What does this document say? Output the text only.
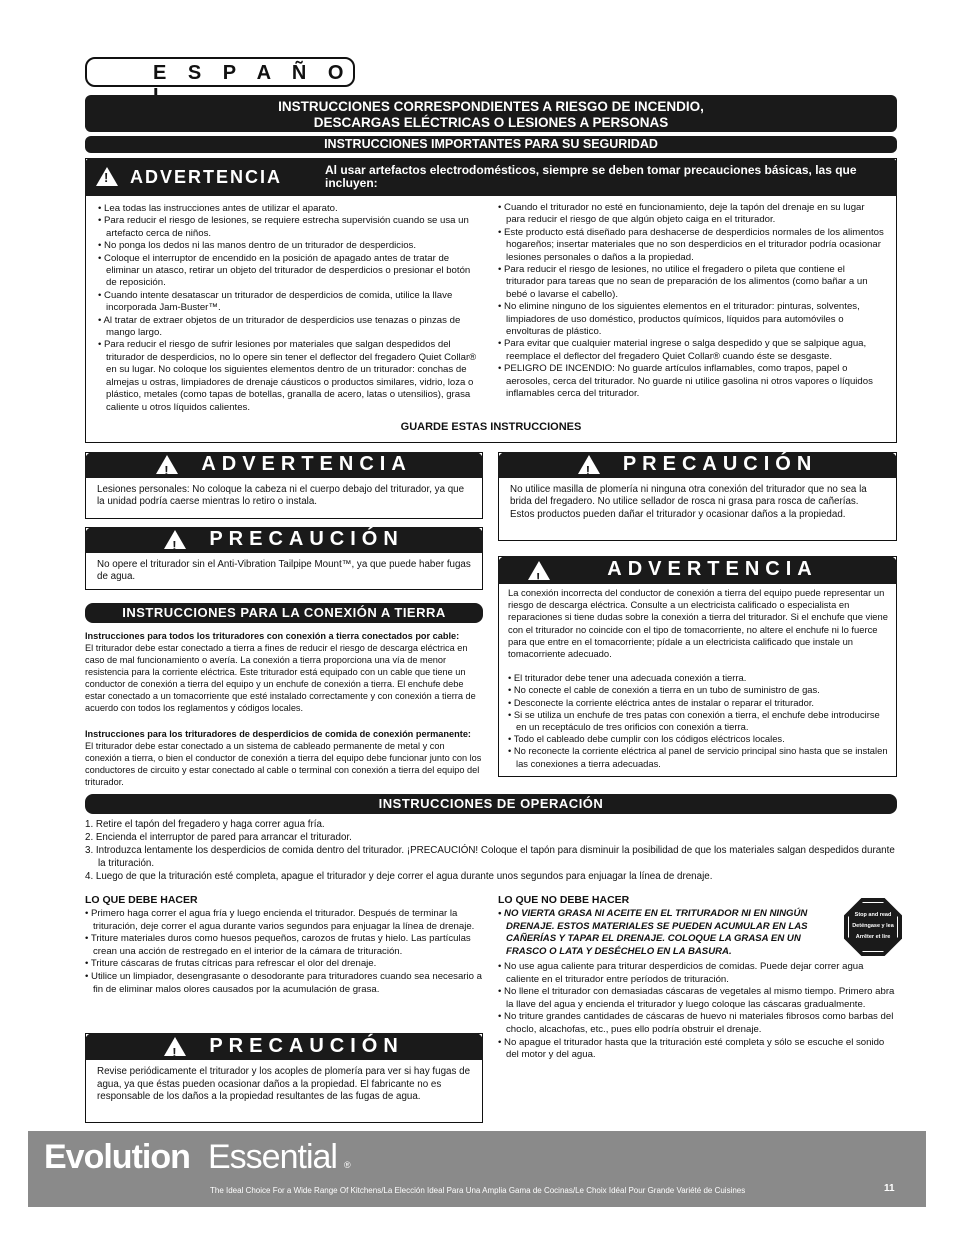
E S P A Ñ O
INSTRUCCIONES CORRESPONDIENTES A RIESGO DE INCENDIO,
DESCARGAS ELÉCTRICAS O LESIONES A PERSONAS
INSTRUCCIONES IMPORTANTES PARA SU SEGURIDAD
!
ADVERTENCIA	Al usar artefactos electrodomésticos, siempre se deben tomar precauciones básicas, las que incluyen:
• Lea todas las instrucciones antes de utilizar el aparato.
• Para reducir el riesgo de lesiones, se requiere estrecha supervisión cuando se usa un artefacto cerca de niños.
• No ponga los dedos ni las manos dentro de un triturador de desperdicios.
• Coloque el interruptor de encendido en la posición de apagado antes de tratar de eliminar un atasco, retirar un objeto del triturador de desperdicios o presionar el botón de reposición.
• Cuando intente desatascar un triturador de desperdicios de comida, utilice la llave incorporada Jam-Buster™.
• Al tratar de extraer objetos de un triturador de desperdicios use tenazas o pinzas de mango largo.
• Para reducir el riesgo de sufrir lesiones por materiales que salgan despedidos del triturador de desperdicios, no lo opere sin tener el deflector del fregadero Quiet Collar® en su lugar. No coloque los siguientes elementos dentro de un triturador: conchas de almejas u ostras, limpiadores de drenaje cáusticos o productos similares, vidrio, loza o plástico, metales (como tapas de botellas, granalla de acero, latas o utensilios), grasa caliente u otros líquidos calientes.
• Cuando el triturador no esté en funcionamiento, deje la tapón del drenaje en su lugar para reducir el riesgo de que algún objeto caiga en el triturador.
• Este producto está diseñado para deshacerse de desperdicios normales de los alimentos hogareños; insertar materiales que no son desperdicios en el triturador podría ocasionar lesiones personales o daños a la propiedad.
• Para reducir el riesgo de lesiones, no utilice el fregadero o pileta que contiene el triturador para tareas que no sean de preparación de los alimentos (como bañar a un bebé o lavarse el cabello).
• No elimine ninguno de los siguientes elementos en el triturador: pinturas, solventes, limpiadores de uso doméstico, productos químicos, líquidos para automóviles o envolturas de plástico.
• Para evitar que cualquier material ingrese o salga despedido y que se salpique agua, reemplace el deflector del fregadero Quiet Collar® cuando éste se desgaste.
• PELIGRO DE INCENDIO: No guarde artículos inflamables, como trapos, papel o aerosoles, cerca del triturador. No guarde ni utilice gasolina ni otros vapores o líquidos inflamables cerca del triturador.
GUARDE ESTAS INSTRUCCIONES
!  ADVERTENCIA
Lesiones personales: No coloque la cabeza ni el cuerpo debajo del triturador, ya que la unidad podría caerse mientras lo retiro o instala.
!  PRECAUCIÓN
No opere el triturador sin el Anti-Vibration Tailpipe Mount™, ya que puede haber fugas de agua.
!  PRECAUCIÓN
No utilice masilla de plomería ni ninguna otra conexión del triturador que no sea la brida del fregadero. No utilice sellador de rosca ni grasa para rosca de cañerías. Estos productos pueden dañar el triturador y ocasionar daños a la propiedad.
INSTRUCCIONES PARA LA CONEXIÓN A TIERRA
Instrucciones para todos los trituradores con conexión a tierra conectados por cable:
El triturador debe estar conectado a tierra a fines de reducir el riesgo de descarga eléctrica en caso de mal funcionamiento o avería. La conexión a tierra proporciona una vía de menor resistencia para la corriente eléctrica. Este triturador está equipado con un cable que tiene un conductor de conexión a tierra del equipo y un enchufe de conexión a tierra. El enchufe debe estar conectado a un tomacorriente que esté instalado correctamente y con conexión a tierra de acuerdo con todos los reglamentos y códigos locales.
Instrucciones para los trituradores de desperdicios de comida de conexión permanente:
El triturador debe estar conectado a un sistema de cableado permanente de metal y con conexión a tierra, o bien el conductor de conexión a tierra del equipo debe funcionar junto con los conductores de circuito y estar conectado al cable o terminal con conexión a tierra del equipo del triturador.
!
ADVERTENCIA
La conexión incorrecta del conductor de conexión a tierra del equipo puede representar un riesgo de descarga eléctrica. Consulte a un electricista calificado o especialista en reparaciones si tiene dudas sobre la conexión a tierra del triturador. Si el enchufe que viene con el triturador no coincide con el tipo de tomacorriente, no altere el enchufe ni lo fuerce para que entre en el tomacorriente; pídale a un electricista calificado que instale un tomacorriente adecuado.
• El triturador debe tener una adecuada conexión a tierra.
• No conecte el cable de conexión a tierra en un tubo de suministro de gas.
• Desconecte la corriente eléctrica antes de instalar o reparar el triturador.
• Si se utiliza un enchufe de tres patas con conexión a tierra, el enchufe debe introducirse en un receptáculo de tres orificios con conexión a tierra.
• Todo el cableado debe cumplir con los códigos eléctricos locales.
• No reconecte la corriente eléctrica al panel de servicio principal sino hasta que se instalen las conexiones a tierra adecuadas.
INSTRUCCIONES DE OPERACIÓN
1. Retire el tapón del fregadero y haga correr agua fría.
2. Encienda el interruptor de pared para arrancar el triturador.
3. Introduzca lentamente los desperdicios de comida dentro del triturador. ¡PRECAUCIÓN! Coloque el tapón para disminuir la posibilidad de que los materiales salgan despedidos durante la trituración.
4. Luego de que la trituración esté completa, apague el triturador y deje correr el agua durante unos segundos para enjuagar la línea de drenaje.
LO QUE DEBE HACER
• Primero haga correr el agua fría y luego encienda el triturador. Después de terminar la trituración, deje correr el agua durante varios segundos para enjuagar la línea de drenaje.
• Triture materiales duros como huesos pequeños, carozos de frutas y hielo. Las partículas crean una acción de restregado en el interior de la cámara de trituración.
• Triture cáscaras de frutas cítricas para refrescar el olor del drenaje.
• Utilice un limpiador, desengrasante o desodorante para trituradores cuando sea necesario a fin de eliminar malos olores causados por la acumulación de grasa.
LO QUE NO DEBE HACER
• NO VIERTA GRASA NI ACEITE EN EL TRITURADOR NI EN NINGÚN DRENAJE. ESTOS MATERIALES SE PUEDEN ACUMULAR EN LAS CAÑERÍAS Y TAPAR EL DRENAJE. COLOQUE LA GRASA EN UN FRASCO O LATA Y DESÉCHELO EN LA BASURA.
• No use agua caliente para triturar desperdicios de comidas. Puede dejar correr agua caliente en el triturador entre períodos de trituración.
• No llene el triturador con demasiadas cáscaras de vegetales al mismo tiempo. Primero abra la llave del agua y encienda el triturador y luego coloque las cáscaras gradualmente.
• No triture grandes cantidades de cáscaras de huevo ni materiales fibrosos como barbas del choclo, alcachofas, etc., pues ello podría obstruir el drenaje.
• No apague el triturador hasta que la trituración esté completa y sólo se escuche el sonido del motor y del agua.
Stop and read
Deténgase y lea
Arrêter et lire
!  PRECAUCIÓN
Revise periódicamente el triturador y los acoples de plomería para ver si hay fugas de agua, ya que éstas pueden ocasionar daños a la propiedad. El fabricante no es responsable de los daños a la propiedad resultantes de las fugas de agua.
Evolution Essential ®
The Ideal Choice For a Wide Range Of Kitchens/La Elección Ideal Para Una Amplia Gama de Cocinas/Le Choix Idéal Pour Grande Variété de Cuisines	11
